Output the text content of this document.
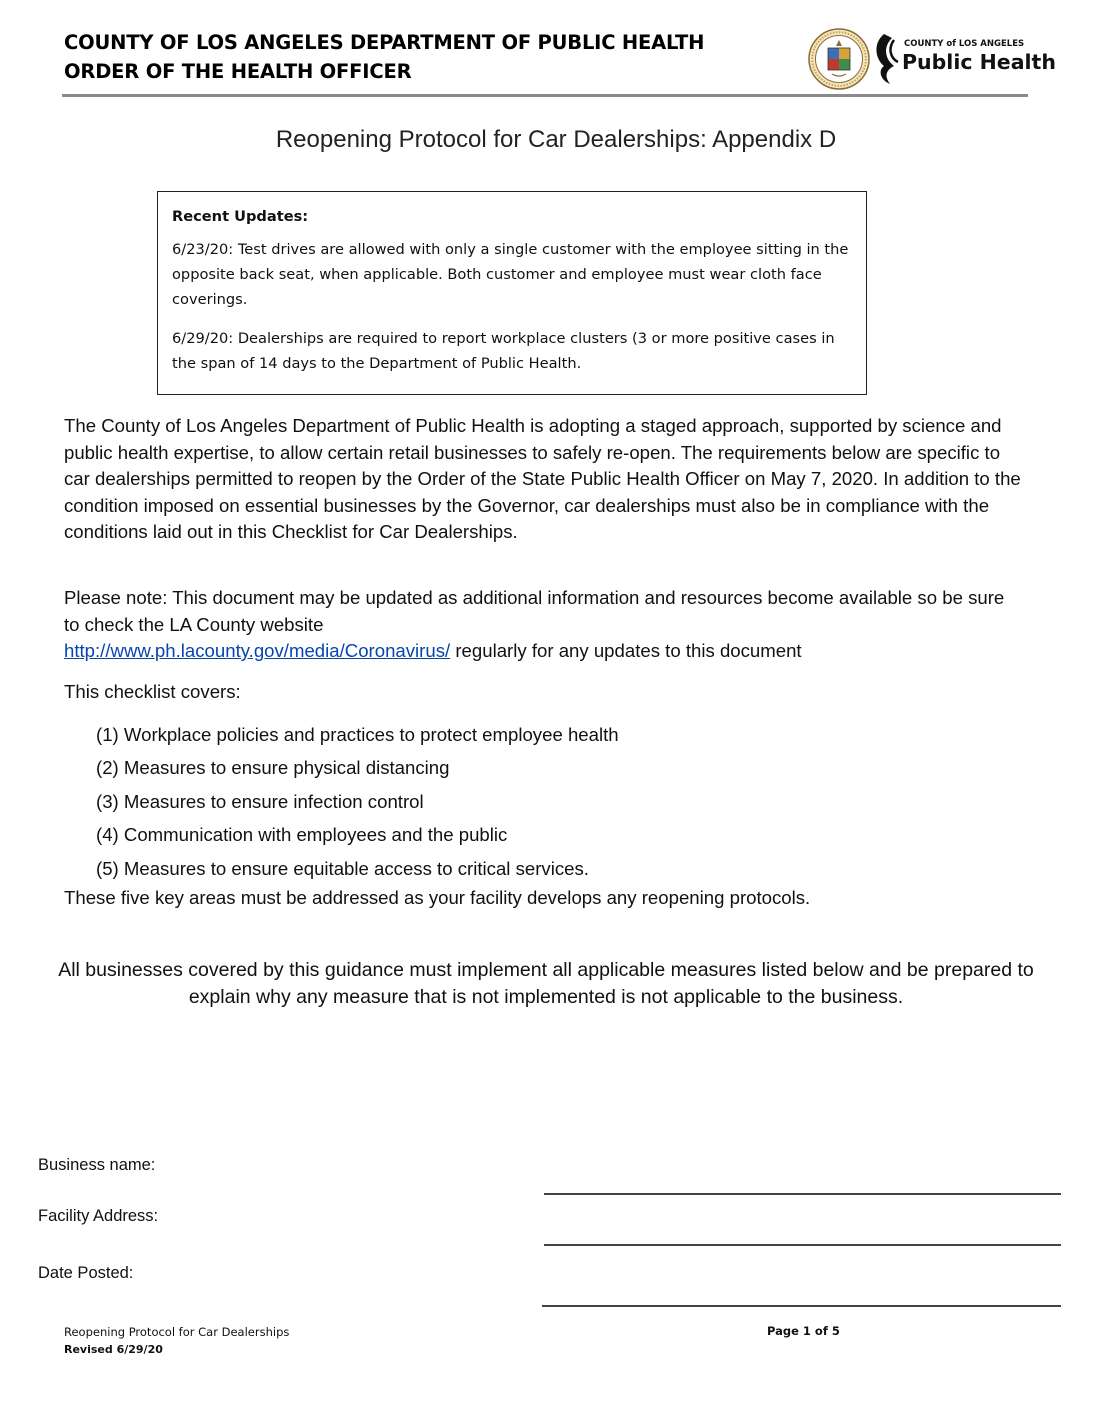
COUNTY OF LOS ANGELES DEPARTMENT OF PUBLIC HEALTH
ORDER OF THE HEALTH OFFICER
COUNTY of LOS ANGELES
Public Health
Reopening Protocol for Car Dealerships: Appendix D
Recent Updates:

6/23/20: Test drives are allowed with only a single customer with the employee sitting in the opposite back seat, when applicable. Both customer and employee must wear cloth face coverings.

6/29/20: Dealerships are required to report workplace clusters (3 or more positive cases in the span of 14 days to the Department of Public Health.

The County of Los Angeles Department of Public Health is adopting a staged approach, supported by science and public health expertise, to allow certain retail businesses to safely re-open. The requirements below are specific to car dealerships permitted to reopen by the Order of the State Public Health Officer on May 7, 2020. In addition to the condition imposed on essential businesses by the Governor, car dealerships must also be in compliance with the conditions laid out in this Checklist for Car Dealerships.
Please note: This document may be updated as additional information and resources become available so be sure to check the LA County website
http://www.ph.lacounty.gov/media/Coronavirus/ regularly for any updates to this document
This checklist covers:
(1) Workplace policies and practices to protect employee health
(2) Measures to ensure physical distancing
(3) Measures to ensure infection control
(4) Communication with employees and the public
(5) Measures to ensure equitable access to critical services.
These five key areas must be addressed as your facility develops any reopening protocols.
All businesses covered by this guidance must implement all applicable measures listed below and be prepared to explain why any measure that is not implemented is not applicable to the business.
Business name:
Facility Address:
Date Posted:
Reopening Protocol for Car Dealerships
Revised 6/29/20
Page 1 of 5
